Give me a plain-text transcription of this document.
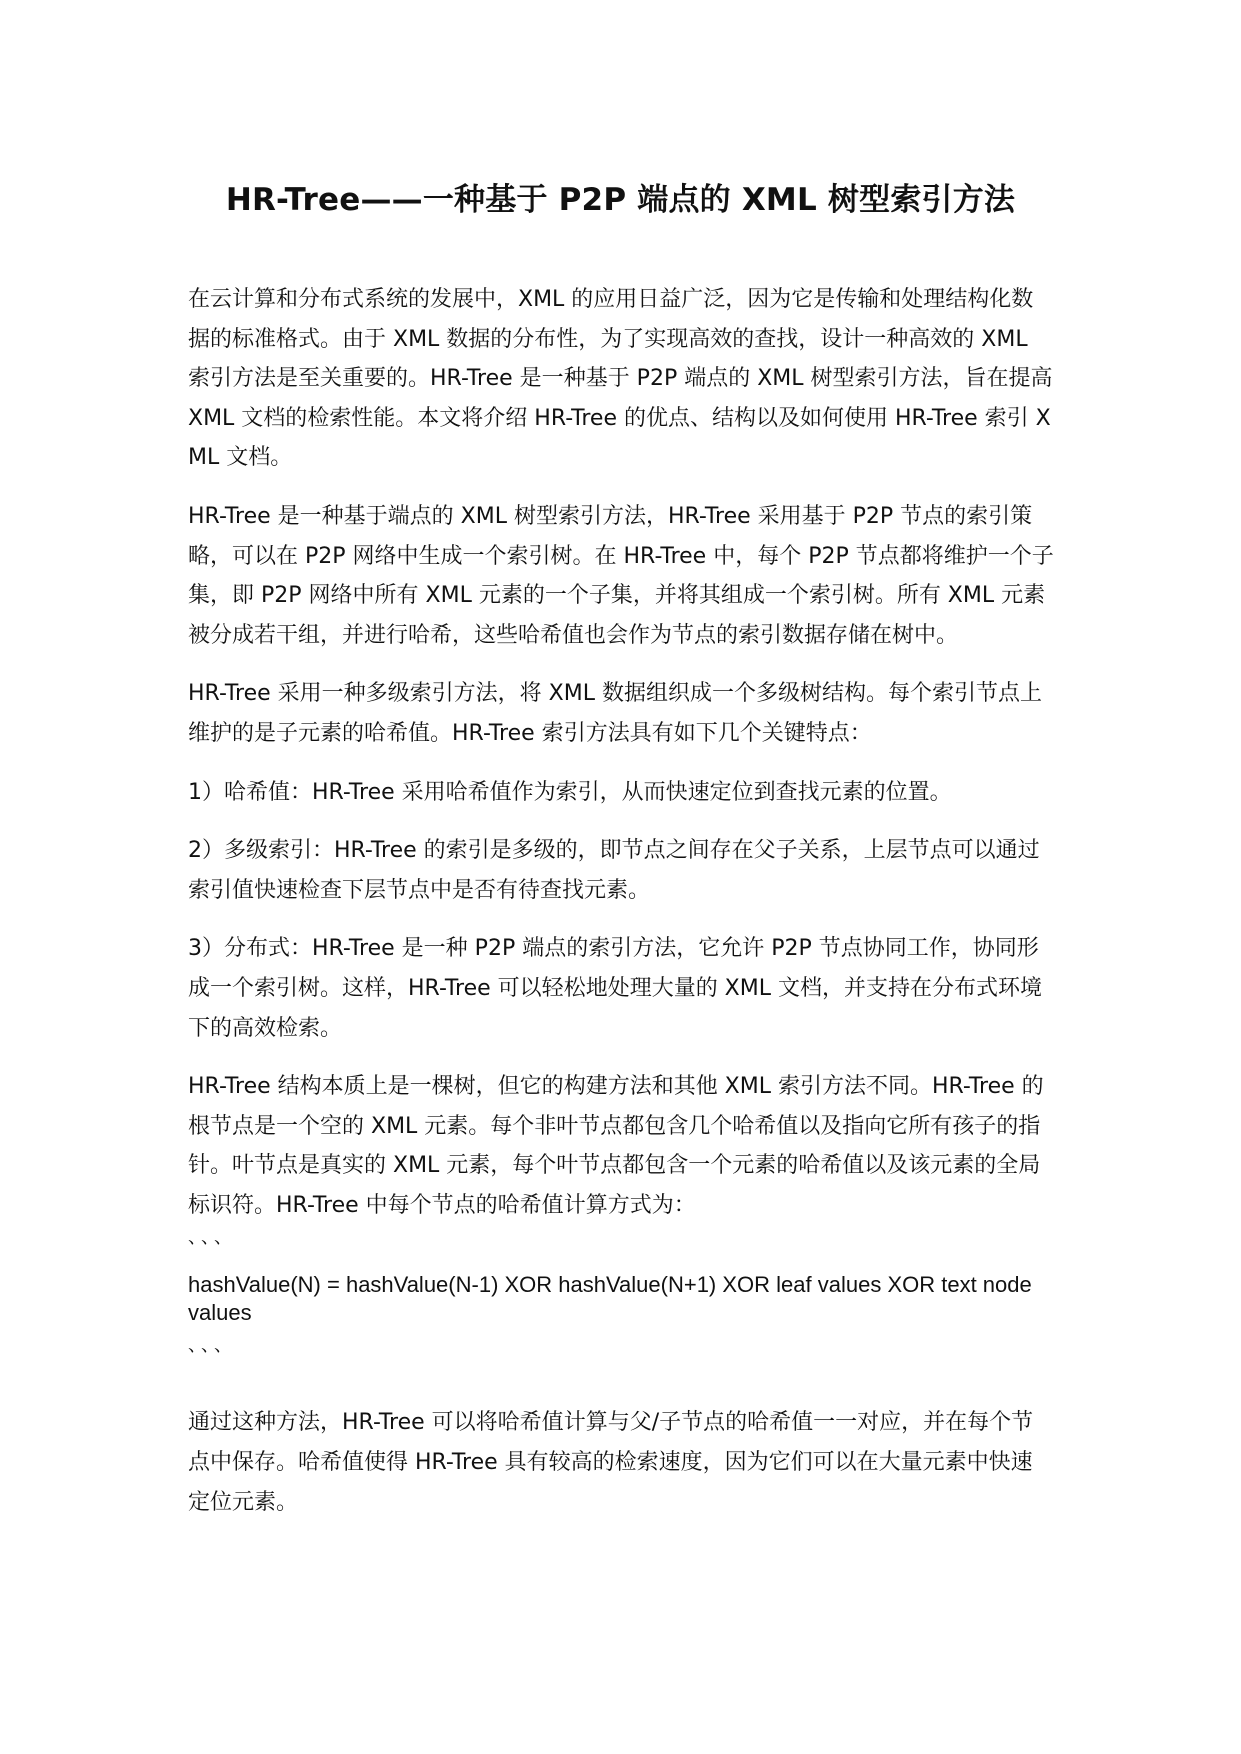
HR-Tree——一种基于 P2P 端点的 XML 树型索引方法

在云计算和分布式系统的发展中，XML 的应用日益广泛，因为它是传输和处理结构化数据的标准格式。由于 XML 数据的分布性，为了实现高效的查找，设计一种高效的 XML 索引方法是至关重要的。HR-Tree 是一种基于 P2P 端点的 XML 树型索引方法，旨在提高 XML 文档的检索性能。本文将介绍 HR-Tree 的优点、结构以及如何使用 HR-Tree 索引 XML 文档。

HR-Tree 是一种基于端点的 XML 树型索引方法，HR-Tree 采用基于 P2P 节点的索引策略，可以在 P2P 网络中生成一个索引树。在 HR-Tree 中，每个 P2P 节点都将维护一个子集，即 P2P 网络中所有 XML 元素的一个子集，并将其组成一个索引树。所有 XML 元素被分成若干组，并进行哈希，这些哈希值也会作为节点的索引数据存储在树中。

HR-Tree 采用一种多级索引方法，将 XML 数据组织成一个多级树结构。每个索引节点上维护的是子元素的哈希值。HR-Tree 索引方法具有如下几个关键特点：

1）哈希值：HR-Tree 采用哈希值作为索引，从而快速定位到查找元素的位置。

2）多级索引：HR-Tree 的索引是多级的，即节点之间存在父子关系，上层节点可以通过索引值快速检查下层节点中是否有待查找元素。

3）分布式：HR-Tree 是一种 P2P 端点的索引方法，它允许 P2P 节点协同工作，协同形成一个索引树。这样，HR-Tree 可以轻松地处理大量的 XML 文档，并支持在分布式环境下的高效检索。

HR-Tree 结构本质上是一棵树，但它的构建方法和其他 XML 索引方法不同。HR-Tree 的根节点是一个空的 XML 元素。每个非叶节点都包含几个哈希值以及指向它所有孩子的指针。叶节点是真实的 XML 元素，每个叶节点都包含一个元素的哈希值以及该元素的全局标识符。HR-Tree 中每个节点的哈希值计算方式为：

、、、
hashValue(N) = hashValue(N-1) XOR hashValue(N+1) XOR leaf values XOR text node values
、、、

通过这种方法，HR-Tree 可以将哈希值计算与父/子节点的哈希值一一对应，并在每个节点中保存。哈希值使得 HR-Tree 具有较高的检索速度，因为它们可以在大量元素中快速定位元素。
